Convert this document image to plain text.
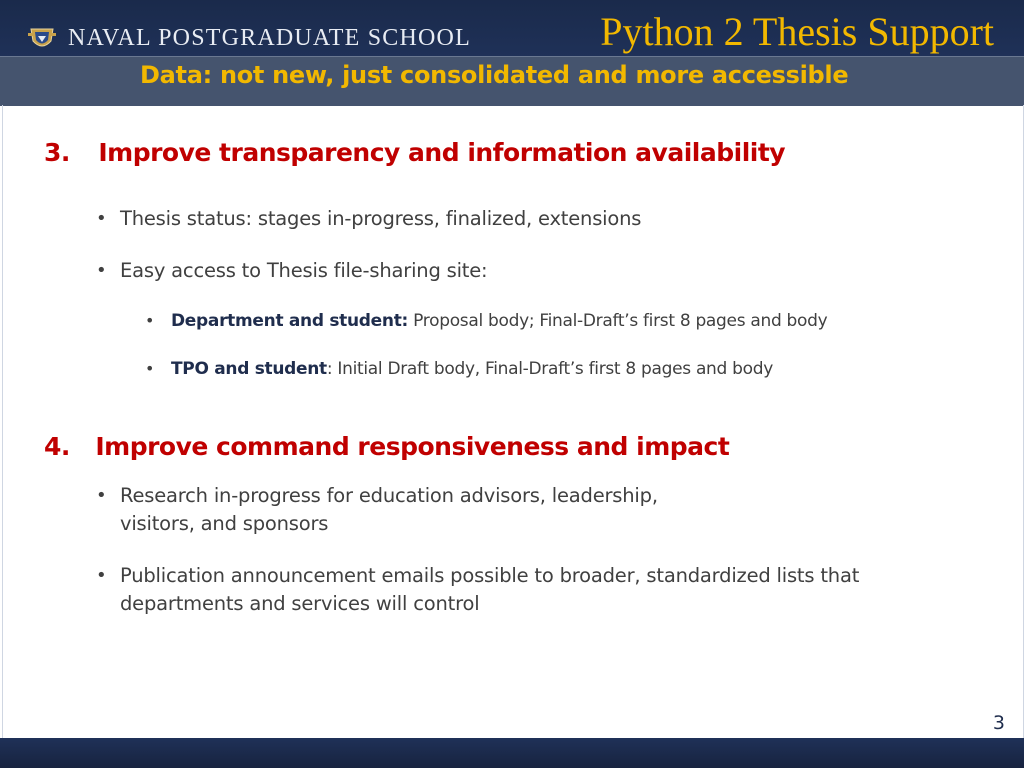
NAVAL POSTGRADUATE SCHOOL	Python 2 Thesis Support
Data: not new, just consolidated and more accessible
3. Improve transparency and information availability
• Thesis status: stages in-progress, finalized, extensions
• Easy access to Thesis file-sharing site:
• Department and student: Proposal body; Final-Draft’s first 8 pages and body
• TPO and student: Initial Draft body, Final-Draft’s first 8 pages and body
4. Improve command responsiveness and impact
• Research in-progress for education advisors, leadership, visitors, and sponsors
• Publication announcement emails possible to broader, standardized lists that departments and services will control
3
